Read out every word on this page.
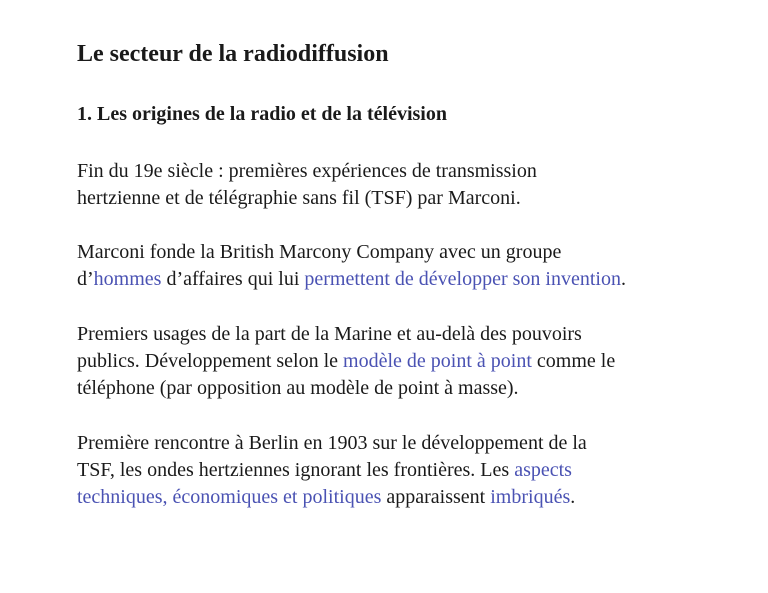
Le secteur de la radiodiffusion
1. Les origines de la radio et de la télévision

Fin du 19e siècle : premières expériences de transmission
hertzienne et de télégraphie sans fil (TSF) par Marconi.

Marconi fonde la British Marcony Company avec un groupe
d’hommes d’affaires qui lui permettent de développer son invention.

Premiers usages de la part de la Marine et au-delà des pouvoirs
publics. Développement selon le modèle de point à point comme le
téléphone (par opposition au modèle de point à masse).

Première rencontre à Berlin en 1903 sur le développement de la
TSF, les ondes hertziennes ignorant les frontières. Les aspects
techniques, économiques et politiques apparaissent imbriqués.
